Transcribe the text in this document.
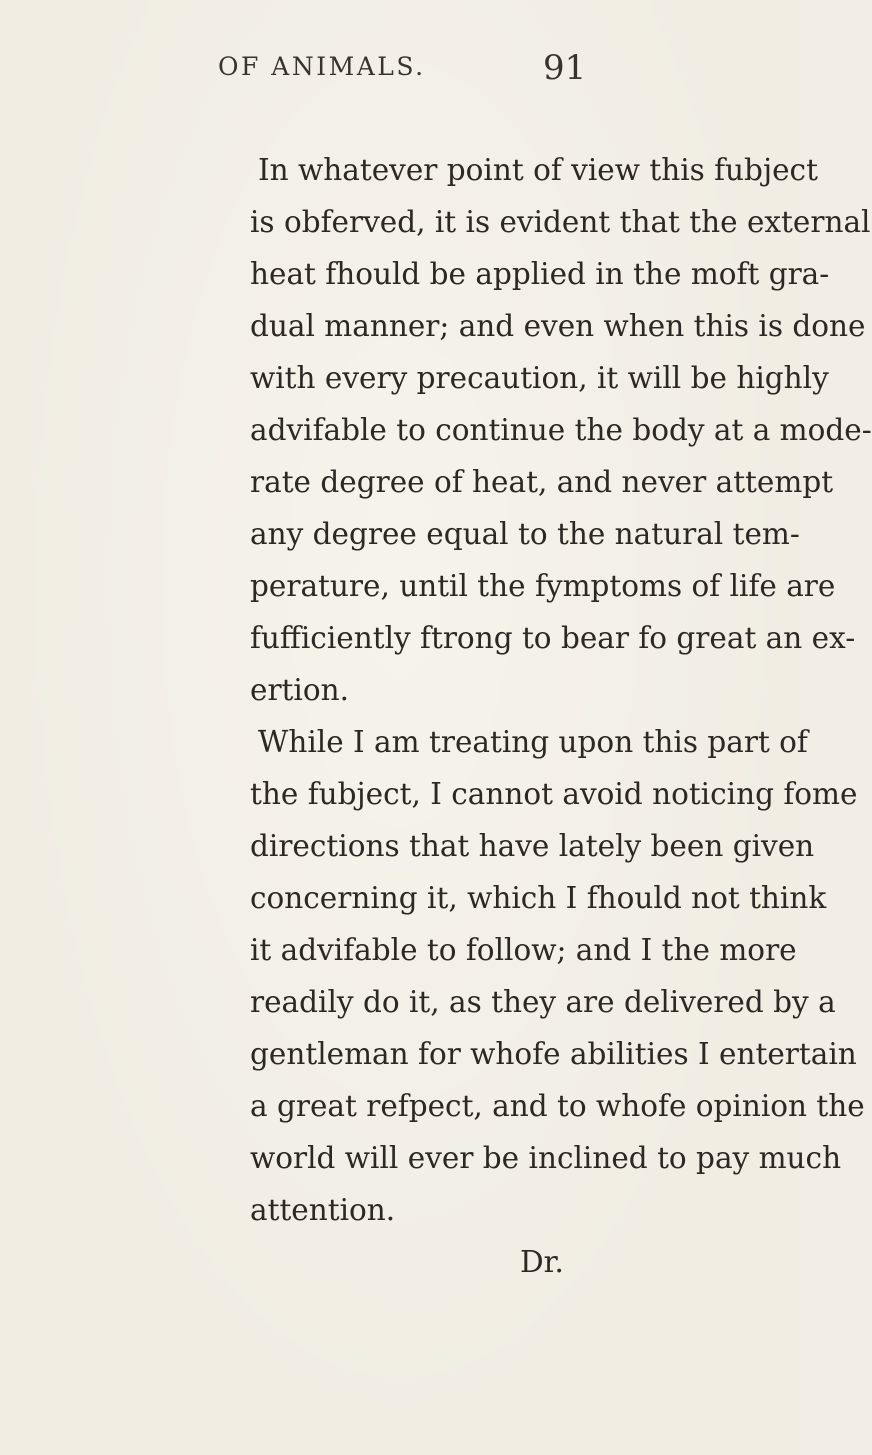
OF ANIMALS.	91
In whatever point of view this fubject
is obferved, it is evident that the external
heat fhould be applied in the moft gra-
dual manner; and even when this is done
with every precaution, it will be highly
advifable to continue the body at a mode-
rate degree of heat, and never attempt
any degree equal to the natural tem-
perature, until the fymptoms of life are
fufficiently ftrong to bear fo great an ex-
ertion.
While I am treating upon this part of
the fubject, I cannot avoid noticing fome
directions that have lately been given
concerning it, which I fhould not think
it advifable to follow; and I the more
readily do it, as they are delivered by a
gentleman for whofe abilities I entertain
a great refpect, and to whofe opinion the
world will ever be inclined to pay much
attention.
Dr.
